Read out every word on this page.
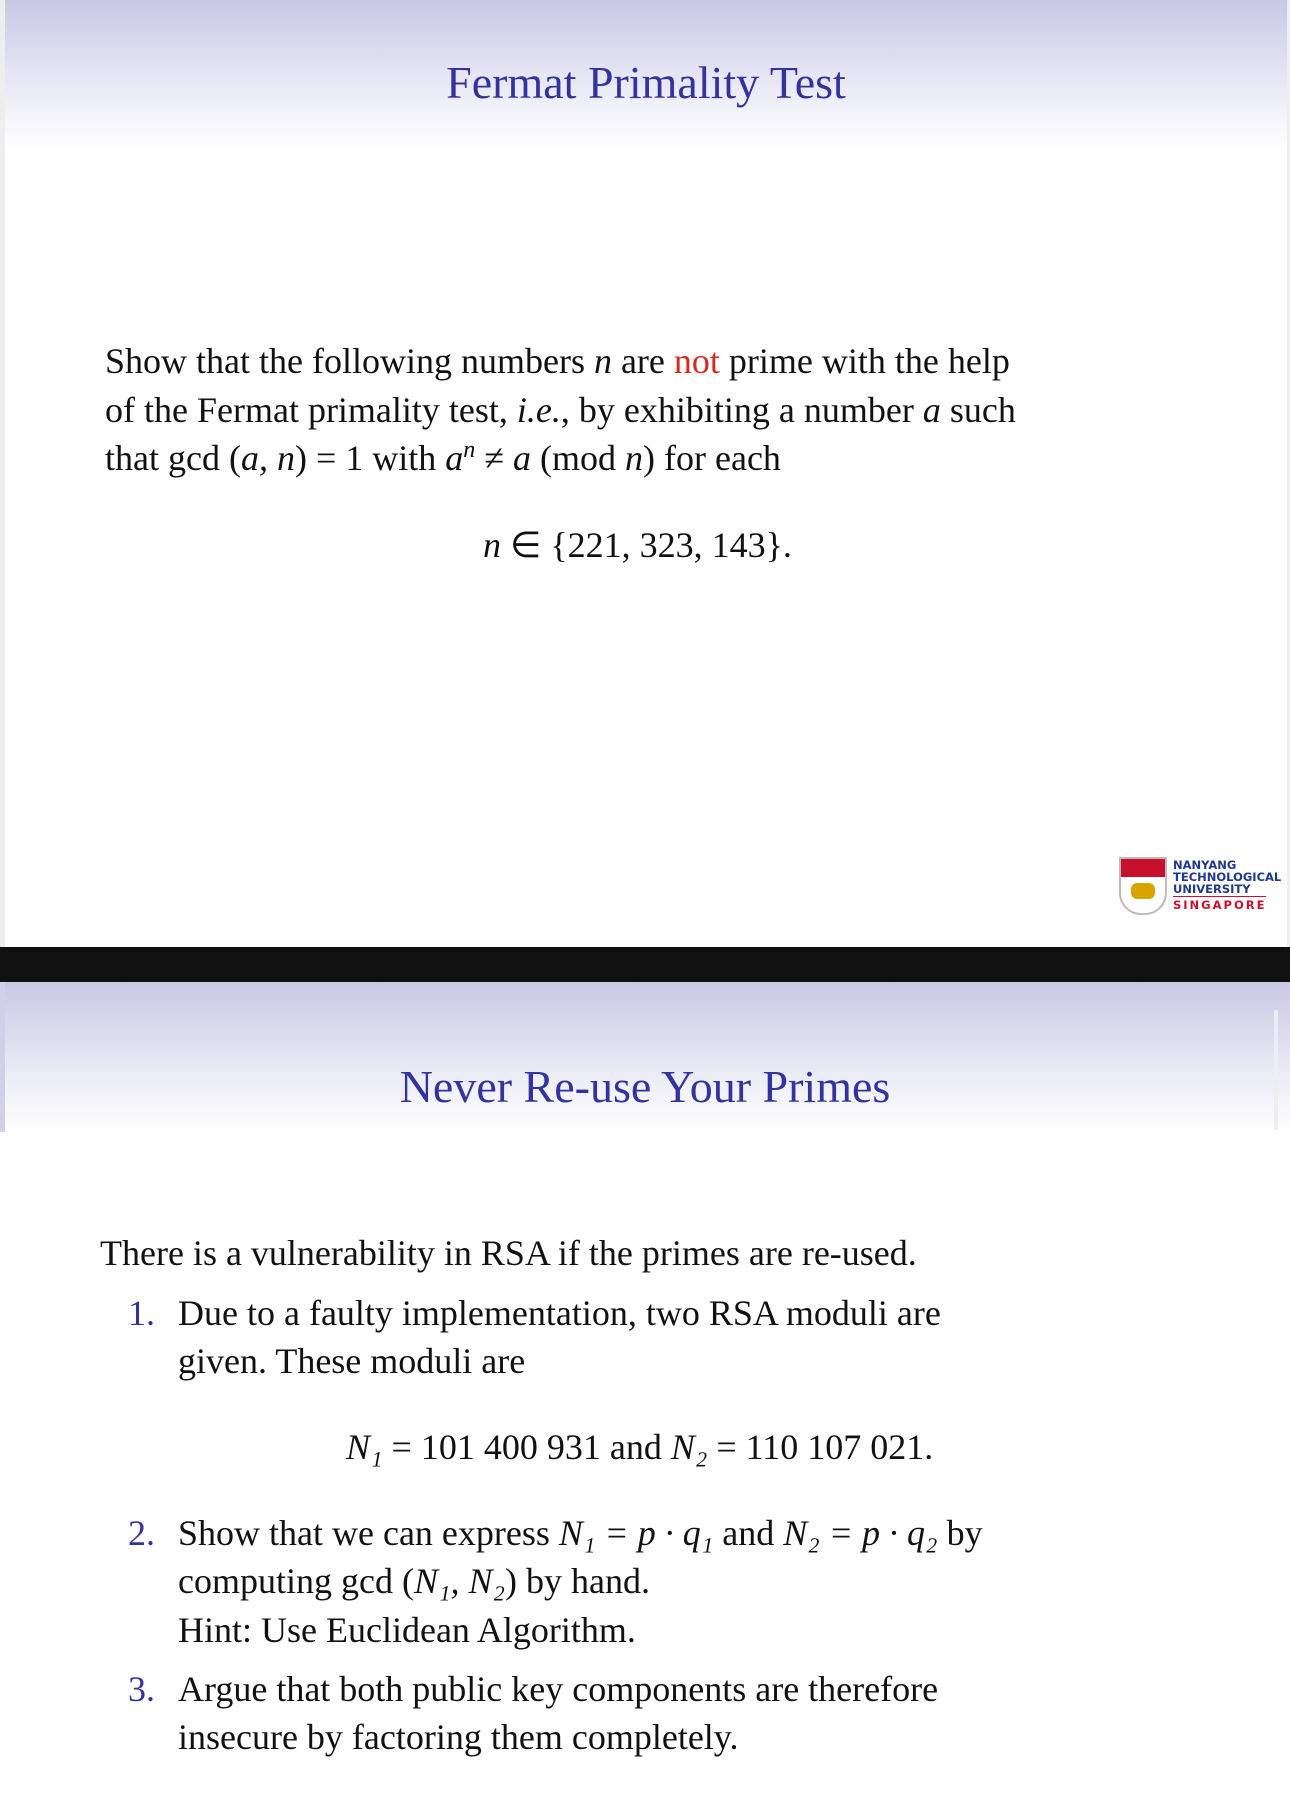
Fermat Primality Test
Show that the following numbers n are not prime with the help
of the Fermat primality test, i.e., by exhibiting a number a such
that gcd (a, n) = 1 with $a^n \ne a$ (mod n) for each
n ∈ {221, 323, 143}.
NANYANG
TECHNOLOGICAL
UNIVERSITY
SINGAPORE
Never Re-use Your Primes
There is a vulnerability in RSA if the primes are re-used.
1. Due to a faulty implementation, two RSA moduli are
given. These moduli are
N₁ = 101 400 931 and N₂ = 110 107 021.
2. Show that we can express N₁ = p · q₁ and N₂ = p · q₂ by
computing gcd (N₁, N₂) by hand.
Hint: Use Euclidean Algorithm.
3. Argue that both public key components are therefore
insecure by factoring them completely.
